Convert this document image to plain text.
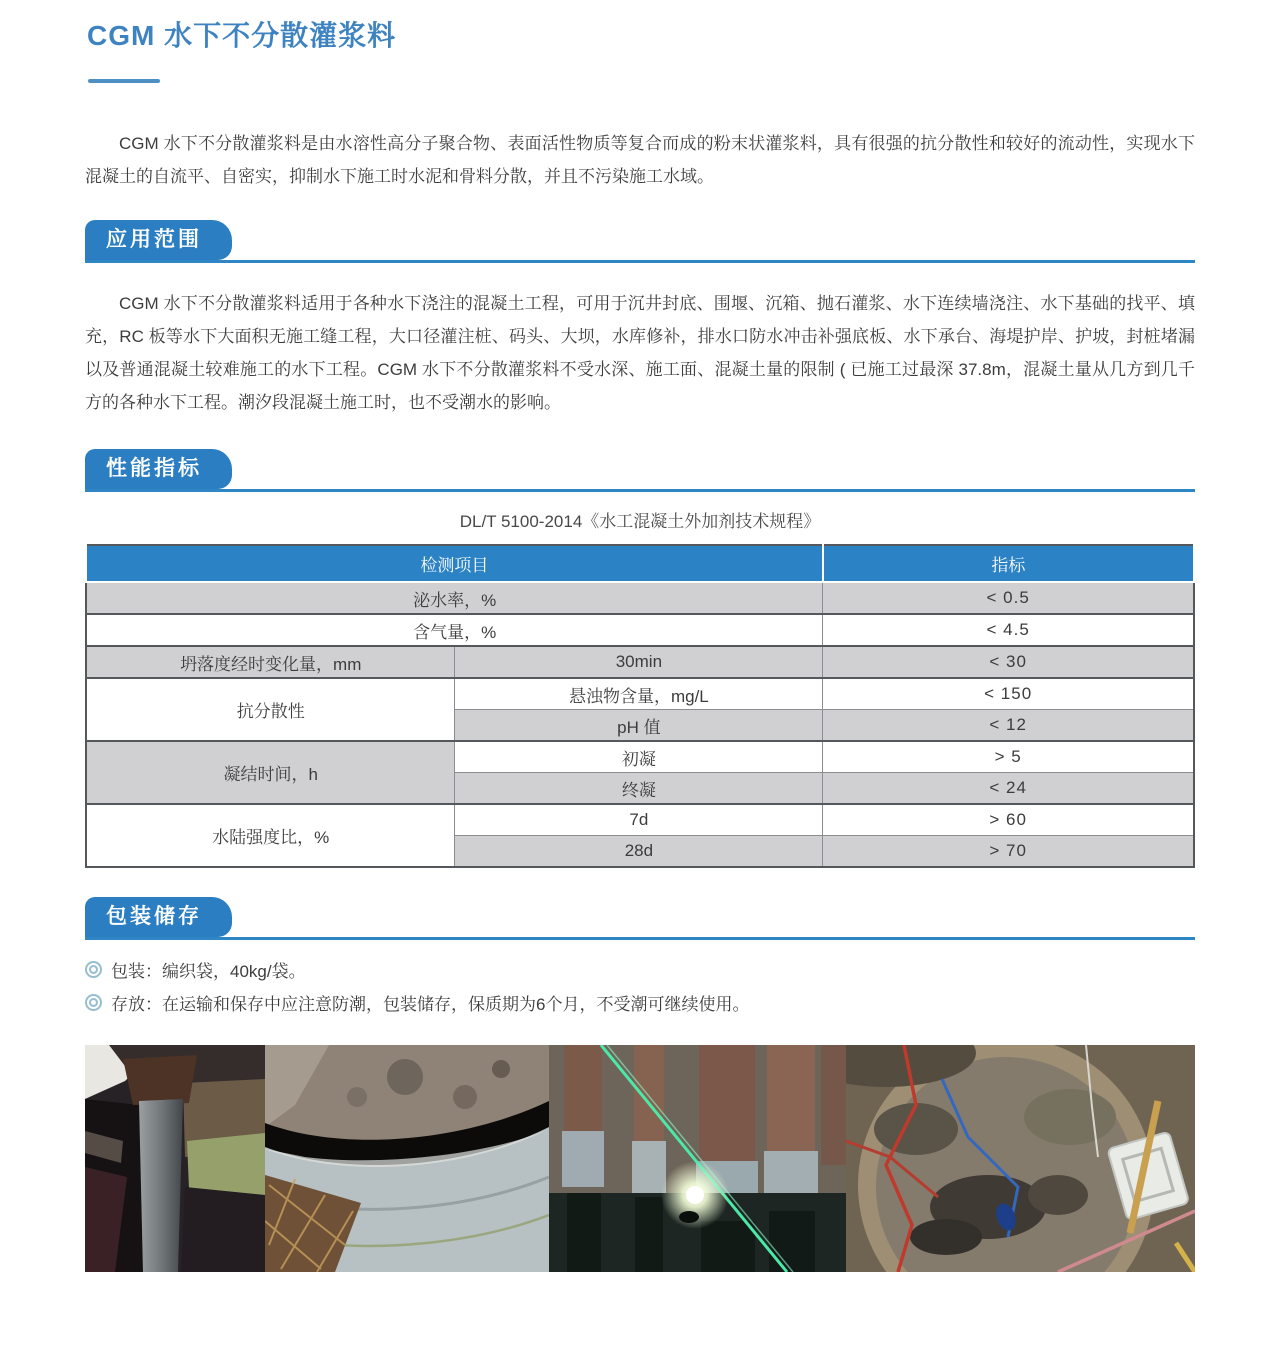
CGM 水下不分散灌浆料

CGM 水下不分散灌浆料是由水溶性高分子聚合物、表面活性物质等复合而成的粉末状灌浆料，具有很强的抗分散性和较好的流动性，实现水下混凝土的自流平、自密实，抑制水下施工时水泥和骨料分散，并且不污染施工水域。

应用范围

CGM 水下不分散灌浆料适用于各种水下浇注的混凝土工程，可用于沉井封底、围堰、沉箱、抛石灌浆、水下连续墙浇注、水下基础的找平、填充，RC 板等水下大面积无施工缝工程，大口径灌注桩、码头、大坝，水库修补，排水口防水冲击补强底板、水下承台、海堤护岸、护坡，封桩堵漏以及普通混凝土较难施工的水下工程。CGM 水下不分散灌浆料不受水深、施工面、混凝土量的限制 ( 已施工过最深 37.8m，混凝土量从几方到几千方的各种水下工程。潮汐段混凝土施工时，也不受潮水的影响。

性能指标
DL/T 5100-2014《水工混凝土外加剂技术规程》
检测项目		指标
泌水率，%		< 0.5
含气量，%		< 4.5
坍落度经时变化量，mm	30min	< 30
抗分散性	悬浊物含量，mg/L	< 150
	pH 值	< 12
凝结时间，h	初凝	> 5
	终凝	< 24
水陆强度比，%	7d	> 60
	28d	> 70
包装储存
包装：编织袋，40kg/袋。
存放：在运输和保存中应注意防潮，包装储存，保质期为6个月，不受潮可继续使用。
